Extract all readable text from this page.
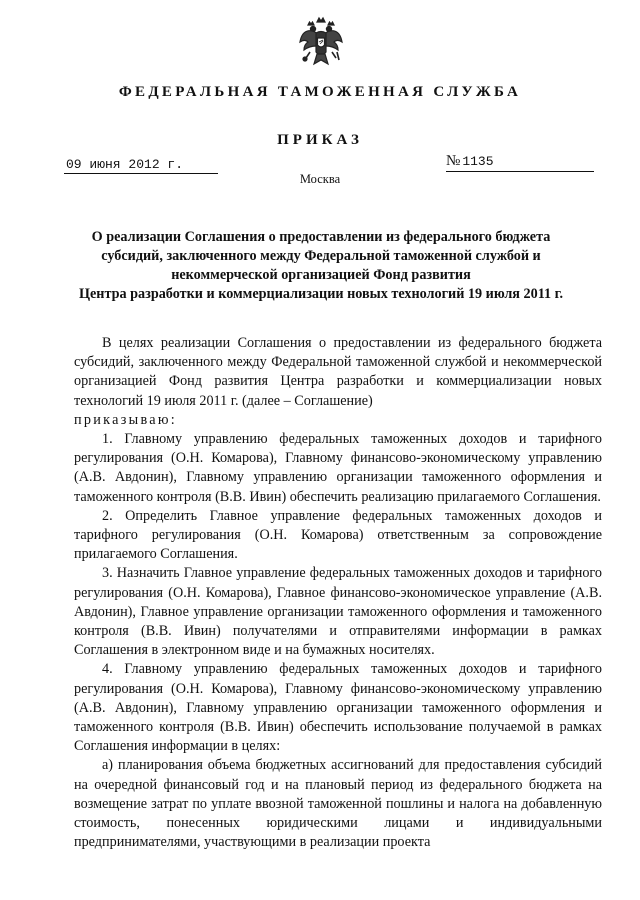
ФЕДЕРАЛЬНАЯ ТАМОЖЕННАЯ СЛУЖБА
ПРИКАЗ
09 июня 2012 г.	№ 1135
Москва
О реализации Соглашения о предоставлении из федерального бюджета
субсидий, заключенного между Федеральной таможенной службой и
некоммерческой организацией Фонд развития
Центра разработки и коммерциализации новых технологий 19 июля 2011 г.

В целях реализации Соглашения о предоставлении из федерального бюджета субсидий, заключенного между Федеральной таможенной службой и некоммерческой организацией Фонд развития Центра разработки и коммерциализации новых технологий 19 июля 2011 г. (далее – Соглашение)

приказываю:

1. Главному управлению федеральных таможенных доходов и тарифного регулирования (О.Н. Комарова), Главному финансово-экономическому управлению (А.В. Авдонин), Главному управлению организации таможенного оформления и таможенного контроля (В.В. Ивин) обеспечить реализацию прилагаемого Соглашения.

2. Определить Главное управление федеральных таможенных доходов и тарифного регулирования (О.Н. Комарова) ответственным за сопровождение прилагаемого Соглашения.

3. Назначить Главное управление федеральных таможенных доходов и тарифного регулирования (О.Н. Комарова), Главное финансово-экономическое управление (А.В. Авдонин), Главное управление организации таможенного оформления и таможенного контроля (В.В. Ивин) получателями и отправителями информации в рамках Соглашения в электронном виде и на бумажных носителях.

4. Главному управлению федеральных таможенных доходов и тарифного регулирования (О.Н. Комарова), Главному финансово-экономическому управлению (А.В. Авдонин), Главному управлению организации таможенного оформления и таможенного контроля (В.В. Ивин) обеспечить использование получаемой в рамках Соглашения информации в целях:

а) планирования объема бюджетных ассигнований для предоставления субсидий на очередной финансовый год и на плановый период из федерального бюджета на возмещение затрат по уплате ввозной таможенной пошлины и налога на добавленную стоимость, понесенных юридическими лицами и индивидуальными предпринимателями, участвующими в реализации проекта
